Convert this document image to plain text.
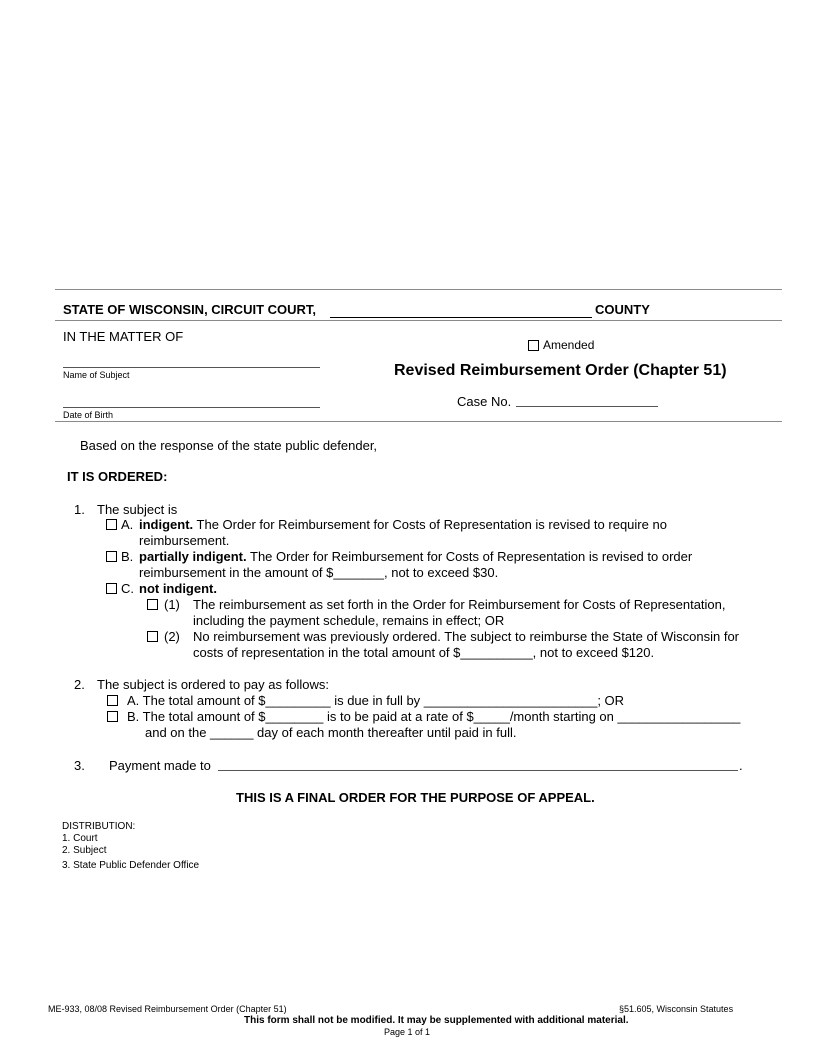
STATE OF WISCONSIN, CIRCUIT COURT,	COUNTY
IN THE MATTER OF
Name of Subject
Date of Birth
Amended
Revised Reimbursement Order (Chapter 51)
Case No.
Based on the response of the state public defender,
IT IS ORDERED:
1. The subject is
A. indigent. The Order for Reimbursement for Costs of Representation is revised to require no
reimbursement.
B. partially indigent. The Order for Reimbursement for Costs of Representation is revised to order
reimbursement in the amount of $_______, not to exceed $30.
C. not indigent.
(1) The reimbursement as set forth in the Order for Reimbursement for Costs of Representation,
including the payment schedule, remains in effect; OR
(2) No reimbursement was previously ordered. The subject to reimburse the State of Wisconsin for
costs of representation in the total amount of $__________, not to exceed $120.
2. The subject is ordered to pay as follows:
A. The total amount of $_________ is due in full by ________________________; OR
B. The total amount of $________ is to be paid at a rate of $_____/month starting on _________________
and on the ______ day of each month thereafter until paid in full.
3. Payment made to	.
THIS IS A FINAL ORDER FOR THE PURPOSE OF APPEAL.
DISTRIBUTION:
1. Court
2. Subject
3. State Public Defender Office
ME-933, 08/08 Revised Reimbursement Order (Chapter 51)	§51.605, Wisconsin Statutes
This form shall not be modified. It may be supplemented with additional material.
Page 1 of 1
